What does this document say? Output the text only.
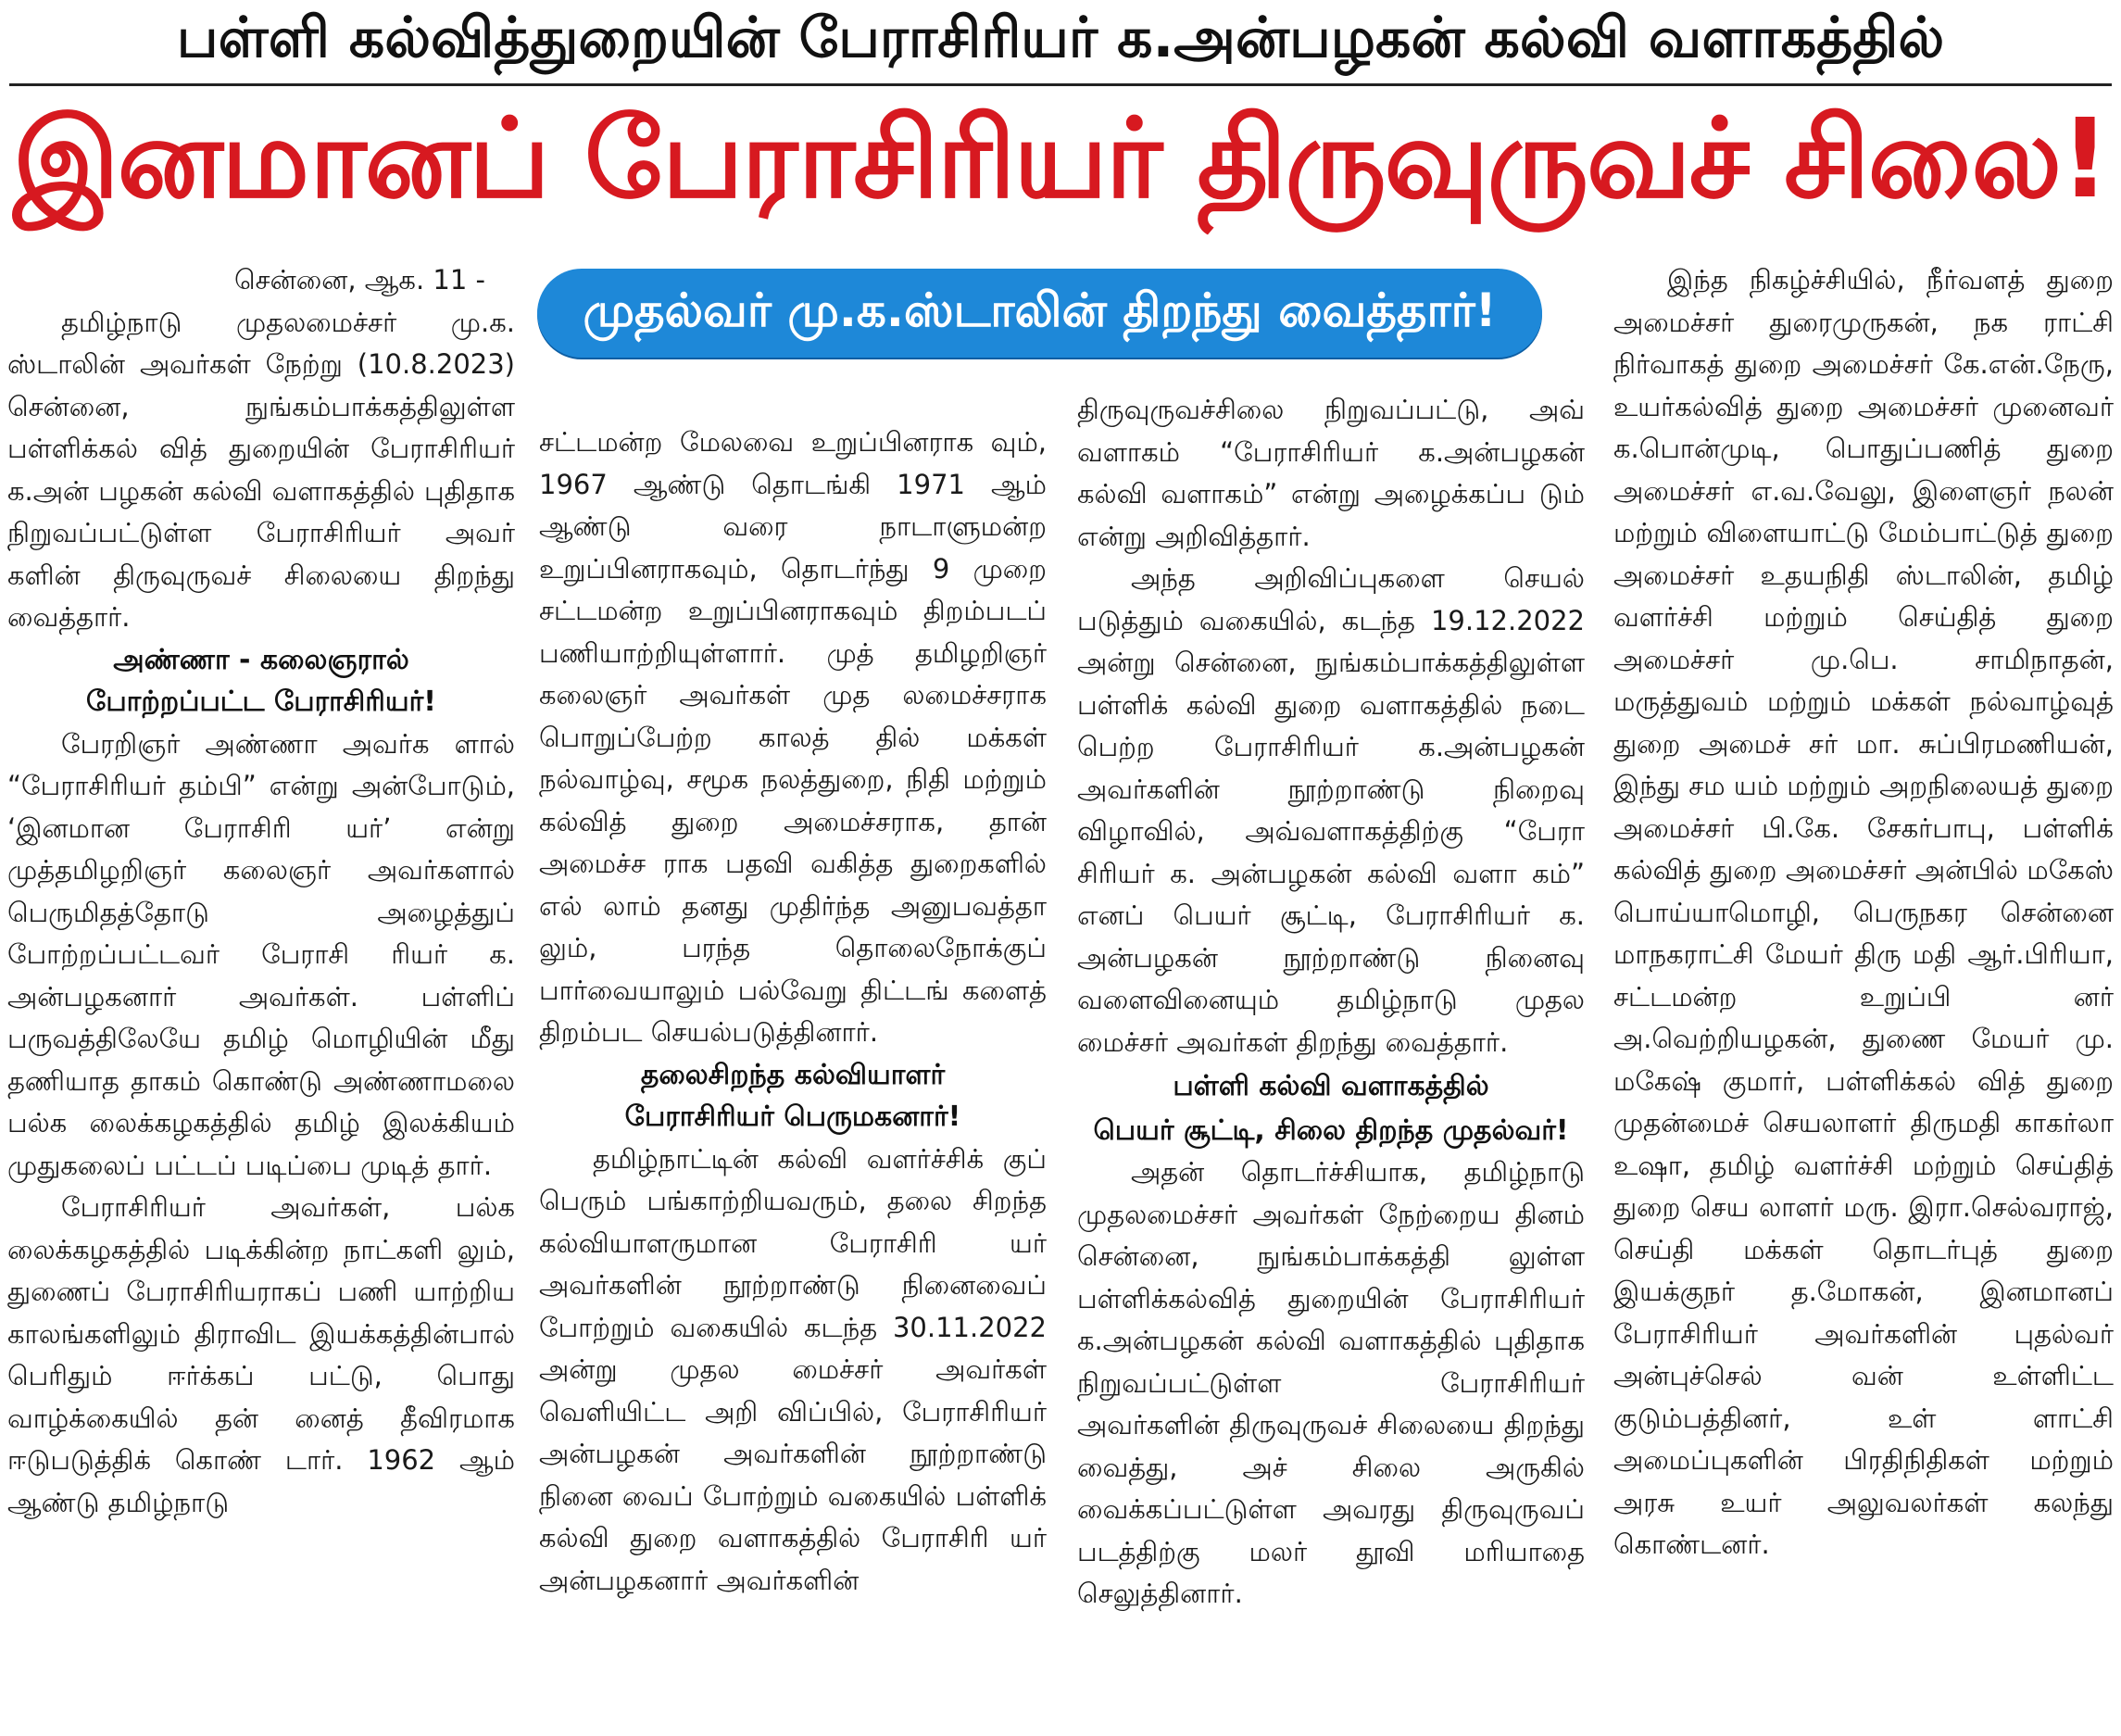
பள்ளி கல்வித்துறையின் பேராசிரியர் க.அன்பழகன் கல்வி வளாகத்தில்
இனமானப் பேராசிரியர் திருவுருவச் சிலை!
முதல்வர் மு.க.ஸ்டாலின் திறந்து வைத்தார்!

சென்னை, ஆக. 11 -

தமிழ்நாடு முதலமைச்சர் மு.க. ஸ்டாலின் அவர்கள் நேற்று (10.8.2023) சென்னை, நுங்கம்பாக்கத்திலுள்ள பள்ளிக்கல் வித் துறையின் பேராசிரியர் க.அன் பழகன் கல்வி வளாகத்தில் புதிதாக நிறுவப்பட்டுள்ள பேராசிரியர் அவர் களின் திருவுருவச் சிலையை திறந்து வைத்தார்.

அண்ணா - கலைஞரால்
போற்றப்பட்ட பேராசிரியர்!

பேரறிஞர் அண்ணா அவர்க ளால் “பேராசிரியர் தம்பி” என்று அன்போடும், ‘இனமான பேராசிரி யர்’ என்று முத்தமிழறிஞர் கலைஞர் அவர்களால் பெருமிதத்தோடு அழைத்துப் போற்றப்பட்டவர் பேராசி ரியர் க. அன்பழகனார் அவர்கள். பள்ளிப் பருவத்திலேயே தமிழ் மொழியின் மீது தணியாத தாகம் கொண்டு அண்ணாமலை பல்க லைக்கழகத்தில் தமிழ் இலக்கியம் முதுகலைப் பட்டப் படிப்பை முடித் தார்.

பேராசிரியர் அவர்கள், பல்க லைக்கழகத்தில் படிக்கின்ற நாட்களி லும், துணைப் பேராசிரியராகப் பணி யாற்றிய காலங்களிலும் திராவிட இயக்கத்தின்பால் பெரிதும் ஈர்க்கப் பட்டு, பொது வாழ்க்கையில் தன் னைத் தீவிரமாக ஈடுபடுத்திக் கொண் டார். 1962 ஆம் ஆண்டு தமிழ்நாடு

சட்டமன்ற மேலவை உறுப்பினராக வும், 1967 ஆண்டு தொடங்கி 1971 ஆம் ஆண்டு வரை நாடாளுமன்ற உறுப்பினராகவும், தொடர்ந்து 9 முறை சட்டமன்ற உறுப்பினராகவும் திறம்படப் பணியாற்றியுள்ளார். முத் தமிழறிஞர் கலைஞர் அவர்கள் முத லமைச்சராக பொறுப்பேற்ற காலத் தில் மக்கள் நல்வாழ்வு, சமூக நலத்துறை, நிதி மற்றும் கல்வித் துறை அமைச்சராக, தான் அமைச்ச ராக பதவி வகித்த துறைகளில் எல் லாம் தனது முதிர்ந்த அனுபவத்தா லும், பரந்த தொலைநோக்குப் பார்வையாலும் பல்வேறு திட்டங் களைத் திறம்பட செயல்படுத்தினார்.

தலைசிறந்த கல்வியாளர்
பேராசிரியர் பெருமகனார்!

தமிழ்நாட்டின் கல்வி வளர்ச்சிக் குப் பெரும் பங்காற்றியவரும், தலை சிறந்த கல்வியாளருமான பேராசிரி யர் அவர்களின் நூற்றாண்டு நினைவைப் போற்றும் வகையில் கடந்த 30.11.2022 அன்று முதல மைச்சர் அவர்கள் வெளியிட்ட அறி விப்பில், பேராசிரியர் அன்பழகன் அவர்களின் நூற்றாண்டு நினை வைப் போற்றும் வகையில் பள்ளிக் கல்வி துறை வளாகத்தில் பேராசிரி யர் அன்பழகனார் அவர்களின்

திருவுருவச்சிலை நிறுவப்பட்டு, அவ் வளாகம் “பேராசிரியர் க.அன்பழகன் கல்வி வளாகம்” என்று அழைக்கப்ப டும் என்று அறிவித்தார்.

அந்த அறிவிப்புகளை செயல் படுத்தும் வகையில், கடந்த 19.12.2022 அன்று சென்னை, நுங்கம்பாக்கத்திலுள்ள பள்ளிக் கல்வி துறை வளாகத்தில் நடை பெற்ற பேராசிரியர் க.அன்பழகன் அவர்களின் நூற்றாண்டு நிறைவு விழாவில், அவ்வளாகத்திற்கு “பேரா சிரியர் க. அன்பழகன் கல்வி வளா கம்” எனப் பெயர் சூட்டி, பேராசிரியர் க. அன்பழகன் நூற்றாண்டு நினைவு வளைவினையும் தமிழ்நாடு முதல மைச்சர் அவர்கள் திறந்து வைத்தார்.

பள்ளி கல்வி வளாகத்தில்
பெயர் சூட்டி, சிலை திறந்த முதல்வர்!

அதன் தொடர்ச்சியாக, தமிழ்நாடு முதலமைச்சர் அவர்கள் நேற்றைய தினம் சென்னை, நுங்கம்பாக்கத்தி லுள்ள பள்ளிக்கல்வித் துறையின் பேராசிரியர் க.அன்பழகன் கல்வி வளாகத்தில் புதிதாக நிறுவப்பட்டுள்ள பேராசிரியர் அவர்களின் திருவுருவச் சிலையை திறந்து வைத்து, அச் சிலை அருகில் வைக்கப்பட்டுள்ள அவரது திருவுருவப் படத்திற்கு மலர் தூவி மரியாதை செலுத்தினார்.

இந்த நிகழ்ச்சியில், நீர்வளத் துறை அமைச்சர் துரைமுருகன், நக ராட்சி நிர்வாகத் துறை அமைச்சர் கே.என்.நேரு, உயர்கல்வித் துறை அமைச்சர் முனைவர் க.பொன்முடி, பொதுப்பணித் துறை அமைச்சர் எ.வ.வேலு, இளைஞர் நலன் மற்றும் விளையாட்டு மேம்பாட்டுத் துறை அமைச்சர் உதயநிதி ஸ்டாலின், தமிழ் வளர்ச்சி மற்றும் செய்தித் துறை அமைச்சர் மு.பெ. சாமிநாதன், மருத்துவம் மற்றும் மக்கள் நல்வாழ்வுத் துறை அமைச் சர் மா. சுப்பிரமணியன், இந்து சம யம் மற்றும் அறநிலையத் துறை அமைச்சர் பி.கே. சேகர்பாபு, பள்ளிக் கல்வித் துறை அமைச்சர் அன்பில் மகேஸ் பொய்யாமொழி, பெருநகர சென்னை மாநகராட்சி மேயர் திரு மதி ஆர்.பிரியா, சட்டமன்ற உறுப்பி னர் அ.வெற்றியழகன், துணை மேயர் மு. மகேஷ் குமார், பள்ளிக்கல் வித் துறை முதன்மைச் செயலாளர் திருமதி காகர்லா உஷா, தமிழ் வளர்ச்சி மற்றும் செய்தித் துறை செய லாளர் மரு. இரா.செல்வராஜ், செய்தி மக்கள் தொடர்புத் துறை இயக்குநர் த.மோகன், இனமானப் பேராசிரியர் அவர்களின் புதல்வர் அன்புச்செல் வன் உள்ளிட்ட குடும்பத்தினர், உள் ளாட்சி அமைப்புகளின் பிரதிநிதிகள் மற்றும் அரசு உயர் அலுவலர்கள் கலந்து கொண்டனர்.
